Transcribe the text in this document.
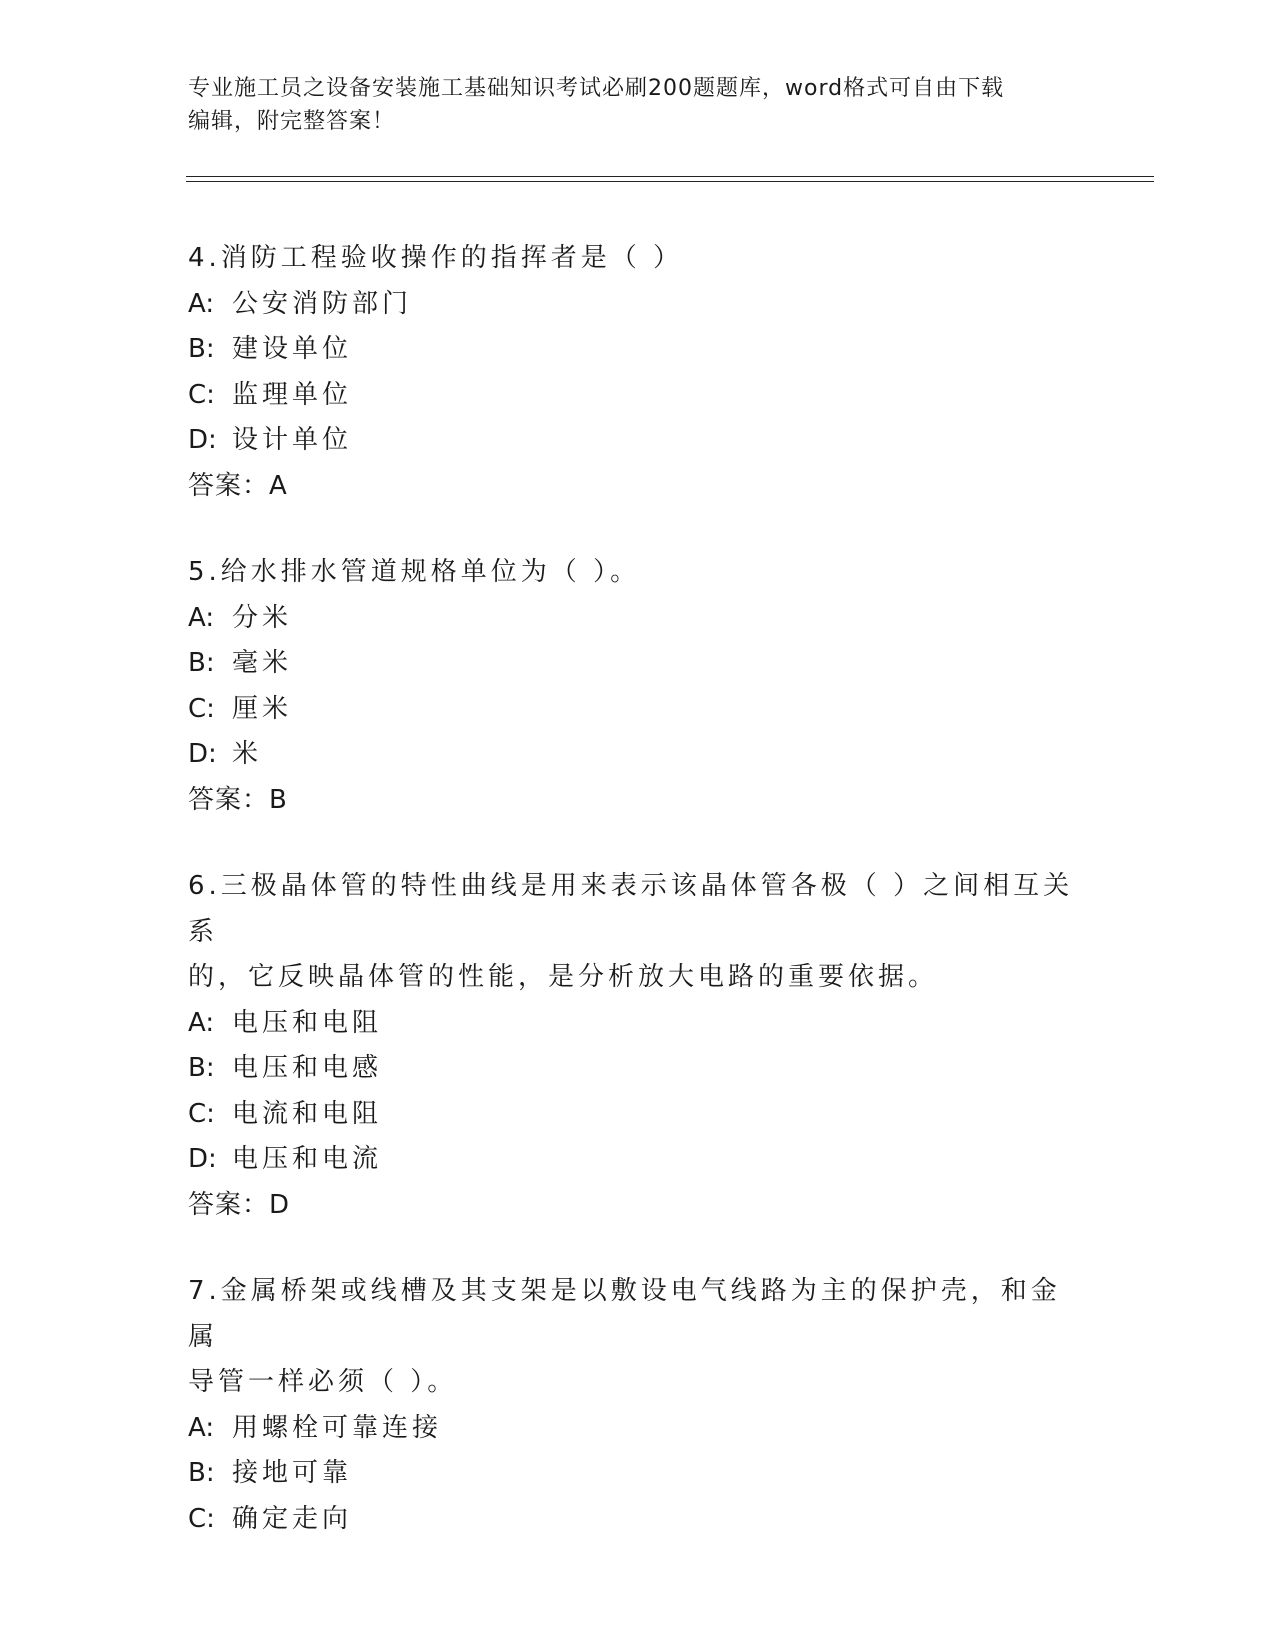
专业施工员之设备安装施工基础知识考试必刷200题题库，word格式可自由下载
编辑，附完整答案！
4.消防工程验收操作的指挥者是（ ）
A: 公安消防部门
B: 建设单位
C: 监理单位
D: 设计单位
答案：A
5.给水排水管道规格单位为（ ）。
A: 分米
B: 毫米
C: 厘米
D: 米
答案：B
6.三极晶体管的特性曲线是用来表示该晶体管各极（ ）之间相互关系
的，它反映晶体管的性能，是分析放大电路的重要依据。
A: 电压和电阻
B: 电压和电感
C: 电流和电阻
D: 电压和电流
答案：D
7.金属桥架或线槽及其支架是以敷设电气线路为主的保护壳，和金属
导管一样必须（ ）。
A: 用螺栓可靠连接
B: 接地可靠
C: 确定走向
